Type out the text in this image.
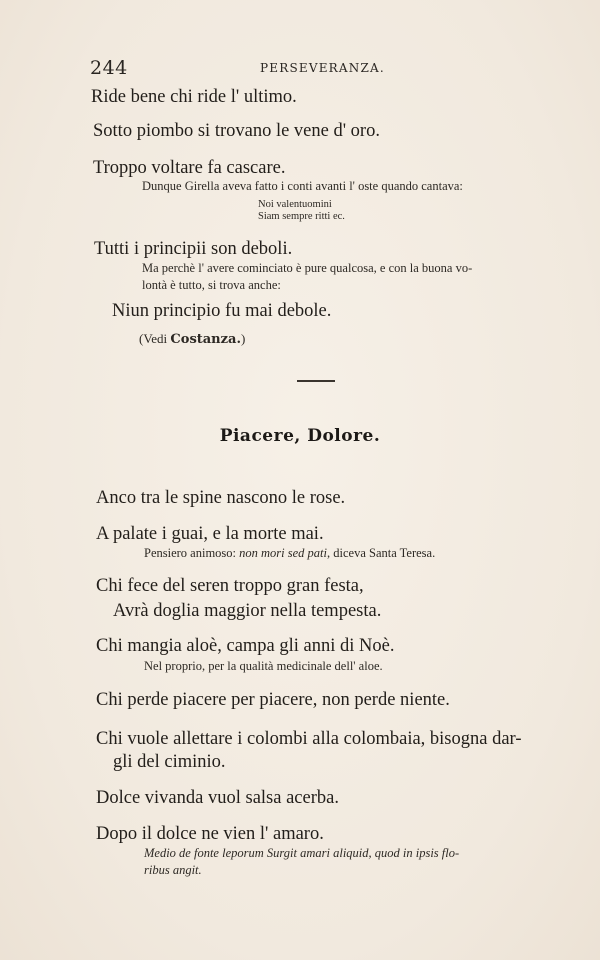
244	PERSEVERANZA.
Ride bene chi ride l' ultimo.
Sotto piombo si trovano le vene d' oro.
Troppo voltare fa cascare.
Dunque Girella aveva fatto i conti avanti l' oste quando cantava:
Noi valentuomini
Siam sempre ritti ec.
Tutti i principii son deboli.
Ma perchè l' avere cominciato è pure qualcosa, e con la buona vo-
lontà è tutto, si trova anche:
Niun principio fu mai debole.
(Vedi Costanza.)
Piacere, Dolore.
Anco tra le spine nascono le rose.
A palate i guai, e la morte mai.
Pensiero animoso: non mori sed pati, diceva Santa Teresa.
Chi fece del seren troppo gran festa,
Avrà doglia maggior nella tempesta.
Chi mangia aloè, campa gli anni di Noè.
Nel proprio, per la qualità medicinale dell' aloe.
Chi perde piacere per piacere, non perde niente.
Chi vuole allettare i colombi alla colombaia, bisogna dar-
gli del ciminio.
Dolce vivanda vuol salsa acerba.
Dopo il dolce ne vien l' amaro.
Medio de fonte leporum Surgit amari aliquid, quod in ipsis flo-
ribus angit.
